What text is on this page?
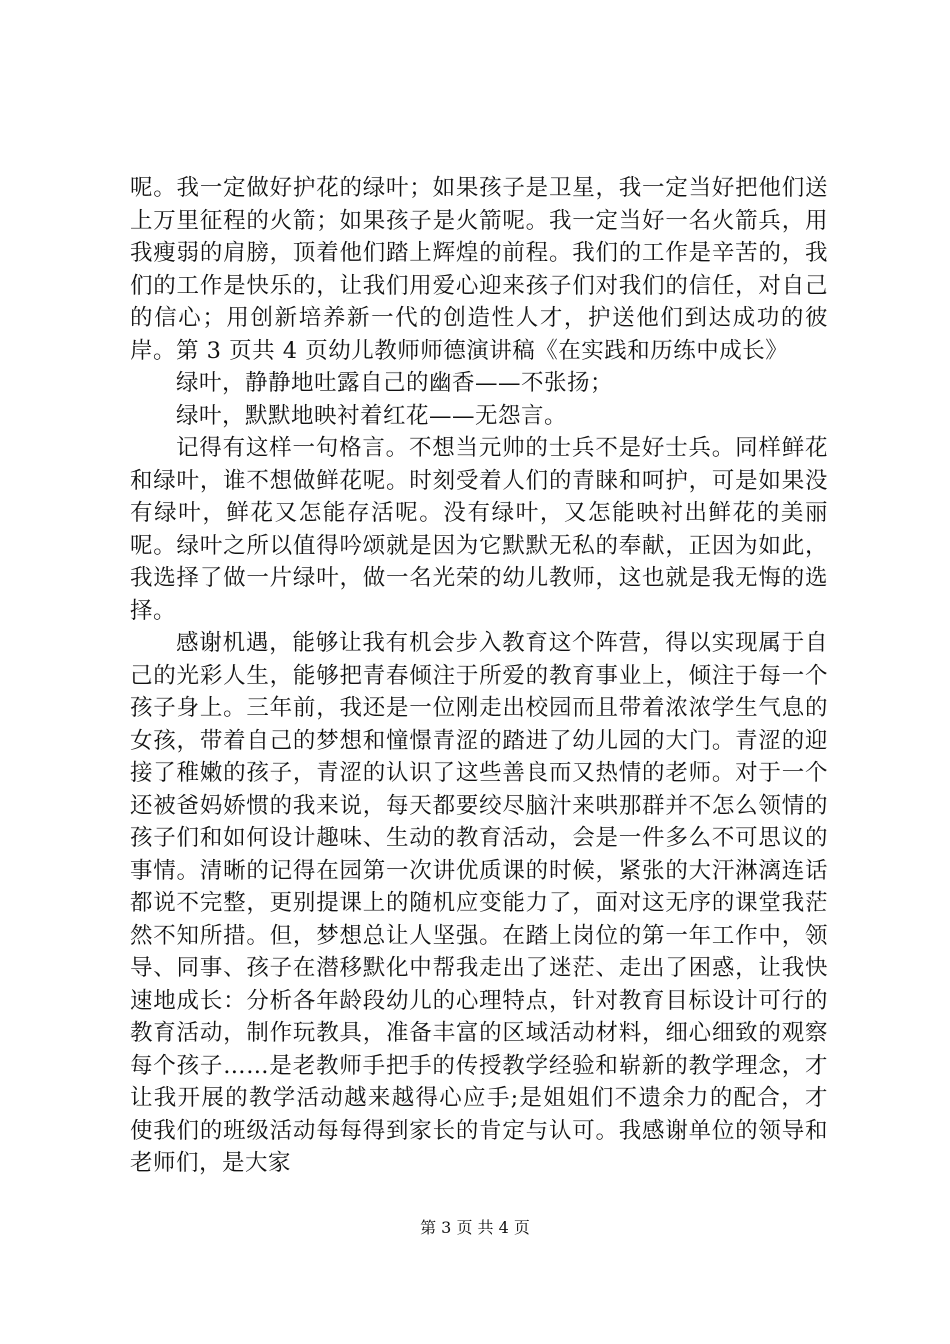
呢。我一定做好护花的绿叶；如果孩子是卫星，我一定当好把他们送上万里征程的火箭；如果孩子是火箭呢。我一定当好一名火箭兵，用我瘦弱的肩膀，顶着他们踏上辉煌的前程。我们的工作是辛苦的，我们的工作是快乐的，让我们用爱心迎来孩子们对我们的信任，对自己的信心；用创新培养新一代的创造性人才，护送他们到达成功的彼岸。第 3 页共 4 页幼儿教师师德演讲稿《在实践和历练中成长》

绿叶，静静地吐露自己的幽香——不张扬；

绿叶，默默地映衬着红花——无怨言。

记得有这样一句格言。不想当元帅的士兵不是好士兵。同样鲜花和绿叶，谁不想做鲜花呢。时刻受着人们的青睐和呵护，可是如果没有绿叶，鲜花又怎能存活呢。没有绿叶，又怎能映衬出鲜花的美丽呢。绿叶之所以值得吟颂就是因为它默默无私的奉献，正因为如此，我选择了做一片绿叶，做一名光荣的幼儿教师，这也就是我无悔的选择。

感谢机遇，能够让我有机会步入教育这个阵营，得以实现属于自己的光彩人生，能够把青春倾注于所爱的教育事业上，倾注于每一个孩子身上。三年前，我还是一位刚走出校园而且带着浓浓学生气息的女孩，带着自己的梦想和憧憬青涩的踏进了幼儿园的大门。青涩的迎接了稚嫩的孩子，青涩的认识了这些善良而又热情的老师。对于一个还被爸妈娇惯的我来说，每天都要绞尽脑汁来哄那群并不怎么领情的孩子们和如何设计趣味、生动的教育活动，会是一件多么不可思议的事情。清晰的记得在园第一次讲优质课的时候，紧张的大汗淋漓连话都说不完整，更别提课上的随机应变能力了，面对这无序的课堂我茫然不知所措。但，梦想总让人坚强。在踏上岗位的第一年工作中，领导、同事、孩子在潜移默化中帮我走出了迷茫、走出了困惑，让我快速地成长：分析各年龄段幼儿的心理特点，针对教育目标设计可行的教育活动，制作玩教具，准备丰富的区域活动材料，细心细致的观察每个孩子……是老教师手把手的传授教学经验和崭新的教学理念，才让我开展的教学活动越来越得心应手;是姐姐们不遗余力的配合，才使我们的班级活动每每得到家长的肯定与认可。我感谢单位的领导和老师们，是大家

第 3 页 共 4 页
